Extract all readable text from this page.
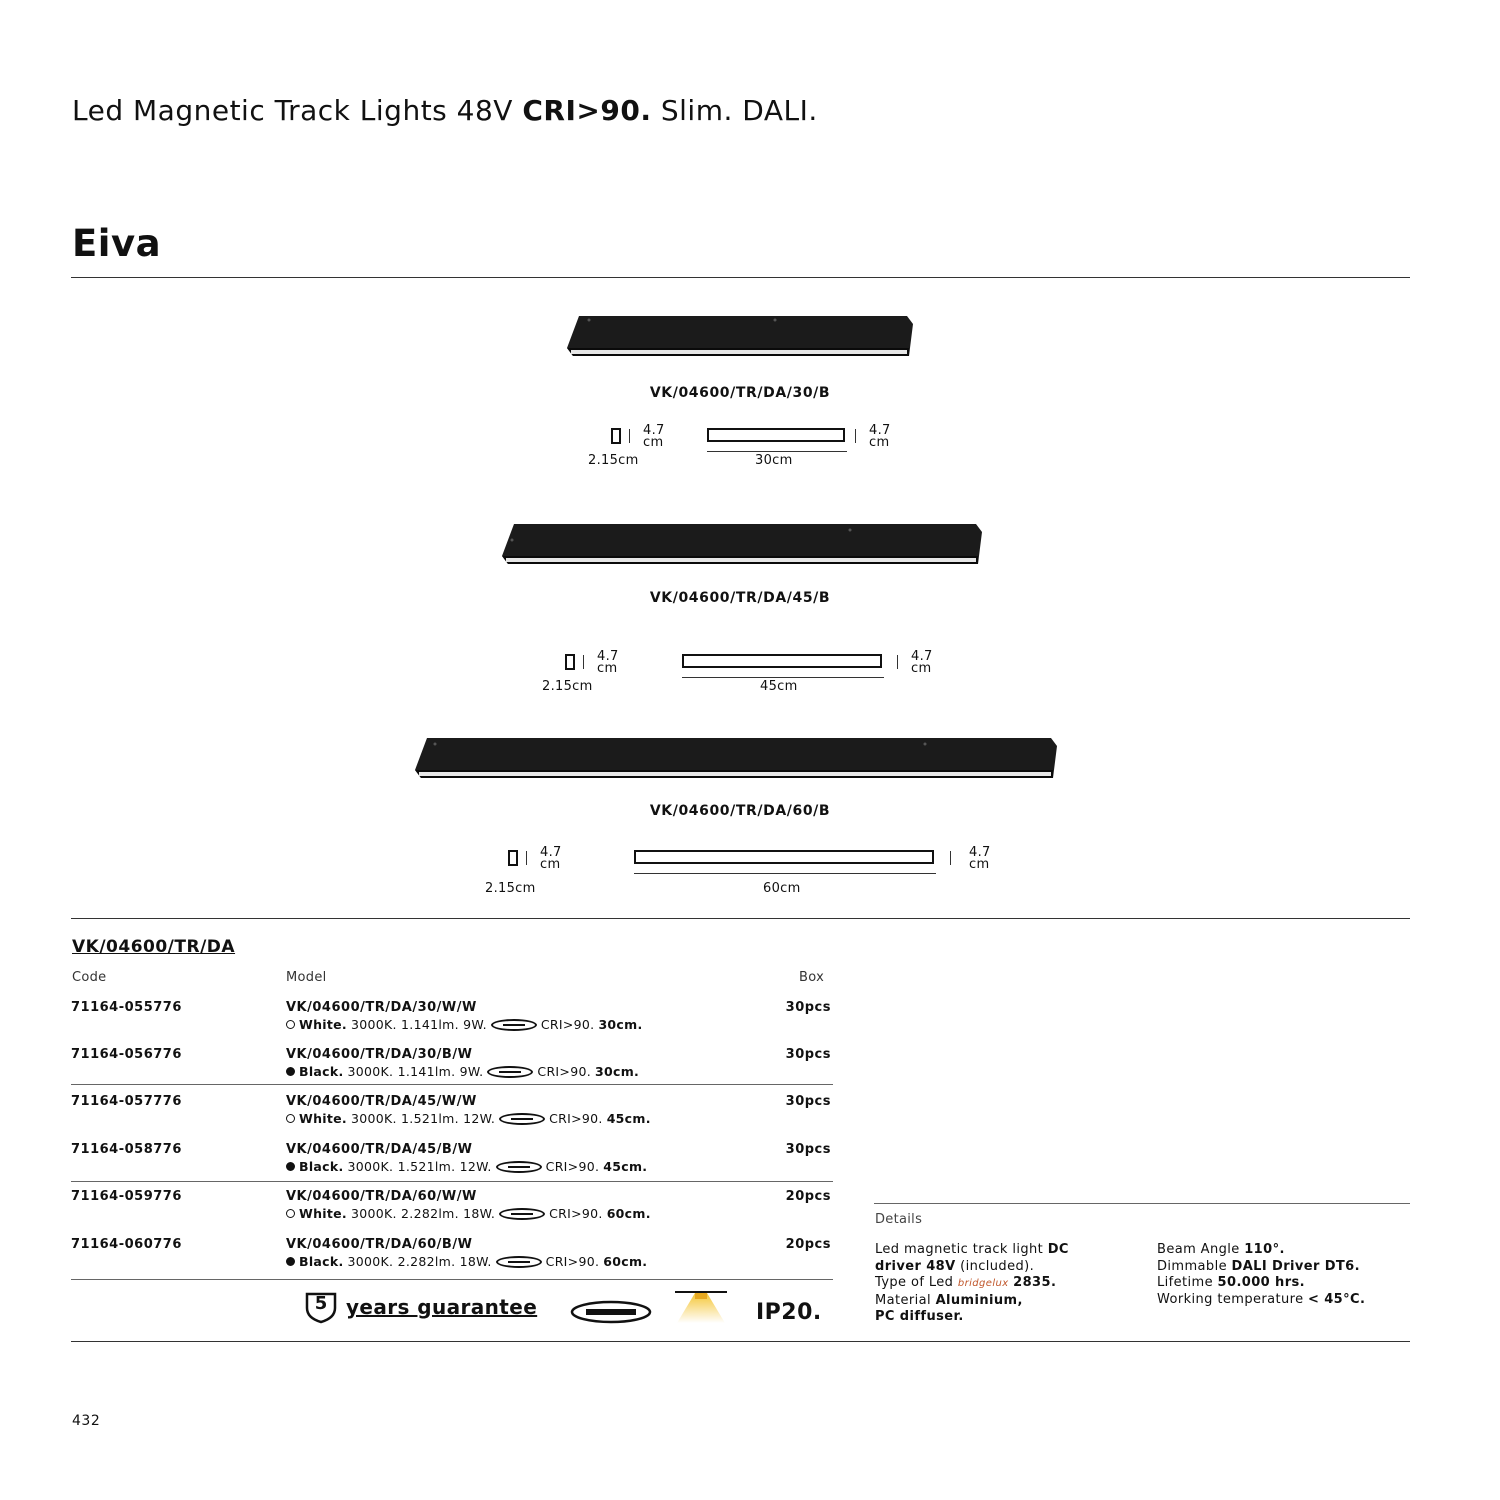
Led Magnetic Track Lights 48V CRI>90. Slim. DALI.
Eiva
VK/04600/TR/DA/30/B
4.7
cm
2.15cm
4.7
cm
30cm
VK/04600/TR/DA/45/B
4.7
cm
2.15cm
4.7
cm
45cm
VK/04600/TR/DA/60/B
4.7
cm
2.15cm
4.7
cm
60cm
VK/04600/TR/DA
Code	Model	Box
71164-055776	VK/04600/TR/DA/30/W/W
White. 3000K. 1.141lm. 9W.	CRI>90. 30cm.
30pcs
71164-056776	VK/04600/TR/DA/30/B/W
Black. 3000K. 1.141lm. 9W.	CRI>90. 30cm.
30pcs
71164-057776	VK/04600/TR/DA/45/W/W
White. 3000K. 1.521lm. 12W.	CRI>90. 45cm.
30pcs
71164-058776	VK/04600/TR/DA/45/B/W
Black. 3000K. 1.521lm. 12W.	CRI>90. 45cm.
30pcs
71164-059776	VK/04600/TR/DA/60/W/W
White. 3000K. 2.282lm. 18W.	CRI>90. 60cm.
20pcs
71164-060776	VK/04600/TR/DA/60/B/W
Black. 3000K. 2.282lm. 18W.	CRI>90. 60cm.
20pcs
5 years guarantee	IP20.
Details
Led magnetic track light DC
driver 48V (included).
Type of Led bridgelux 2835.
Material Aluminium,
PC diffuser.
Beam Angle 110°.
Dimmable DALI Driver DT6.
Lifetime 50.000 hrs.
Working temperature < 45°C.
432
